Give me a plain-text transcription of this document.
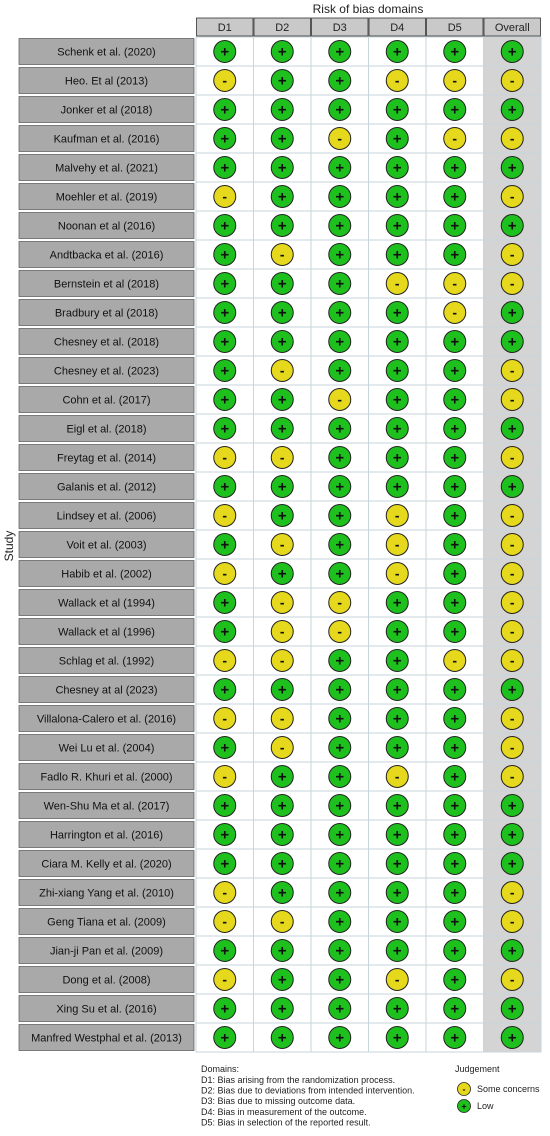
Risk of bias domains
Study
D1	D2	D3	D4	D5	Overall
Schenk et al. (2020)	+	+	+	+	+	+
Heo. Et al (2013)	-	+	+	-	-	-
Jonker et al (2018)	+	+	+	+	+	+
Kaufman et al. (2016)	+	+	-	+	-	-
Malvehy et al. (2021)	+	+	+	+	+	+
Moehler et al. (2019)	-	+	+	+	+	-
Noonan et al (2016)	+	+	+	+	+	+
Andtbacka et al. (2016)	+	-	+	+	+	-
Bernstein et al (2018)	+	+	+	-	-	-
Bradbury et al (2018)	+	+	+	+	-	+
Chesney et al. (2018)	+	+	+	+	+	+
Chesney et al. (2023)	+	-	+	+	+	-
Cohn et al. (2017)	+	+	-	+	+	-
Eigl et al. (2018)	+	+	+	+	+	+
Freytag et al. (2014)	-	-	+	+	+	-
Galanis et al. (2012)	+	+	+	+	+	+
Lindsey et al. (2006)	-	+	+	-	+	-
Voit et al. (2003)	+	-	+	-	+	-
Habib et al. (2002)	-	+	+	-	+	-
Wallack et al (1994)	+	-	-	+	+	-
Wallack et al (1996)	+	-	-	+	+	-
Schlag et al. (1992)	-	-	+	+	-	-
Chesney at al (2023)	+	+	+	+	+	+
Villalona-Calero et al. (2016)	-	-	+	+	+	-
Wei Lu et al. (2004)	+	-	+	+	+	-
Fadlo R. Khuri et al. (2000)	-	+	+	-	+	-
Wen-Shu Ma et al. (2017)	+	+	+	+	+	+
Harrington et al. (2016)	+	+	+	+	+	+
Ciara M. Kelly et al. (2020)	+	+	+	+	+	+
Zhi-xiang Yang et al. (2010)	-	+	+	+	+	-
Geng Tiana et al. (2009)	-	-	+	+	+	-
Jian-ji Pan et al. (2009)	+	+	+	+	+	+
Dong et al. (2008)	-	+	+	-	+	-
Xing Su et al. (2016)	+	+	+	+	+	+
Manfred Westphal et al. (2013)	+	+	+	+	+	+
Domains:
D1: Bias arising from the randomization process.
D2: Bias due to deviations from intended intervention.
D3: Bias due to missing outcome data.
D4: Bias in measurement of the outcome.
D5: Bias in selection of the reported result.
Judgement
- Some concerns
+ Low
